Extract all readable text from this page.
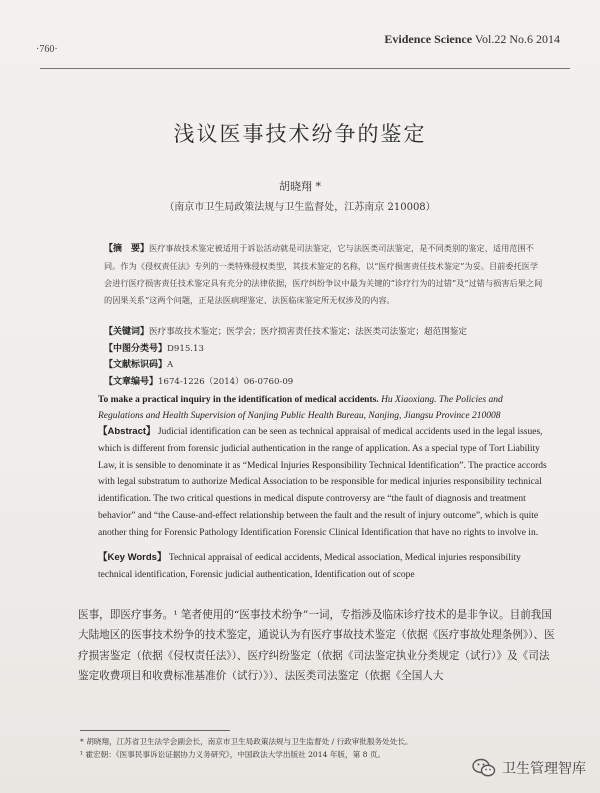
Evidence Science Vol.22 No.6 2014
·760·
浅议医事技术纷争的鉴定
胡晓翔 *
（南京市卫生局政策法规与卫生监督处，江苏南京 210008）
【摘　要】医疗事故技术鉴定被适用于诉讼活动就是司法鉴定，它与法医类司法鉴定，是不同类别的鉴定、适用范围不同。作为《侵权责任法》专列的一类特殊侵权类型，其技术鉴定的名称，以“医疗损害责任技术鉴定”为妥。目前委托医学会进行医疗损害责任技术鉴定具有充分的法律依据，医疗纠纷争议中最为关键的“诊疗行为的过错”及“过错与损害后果之间的因果关系”这两个问题，正是法医病理鉴定、法医临床鉴定所无权涉及的内容。
【关键词】医疗事故技术鉴定；医学会；医疗损害责任技术鉴定；法医类司法鉴定；超范围鉴定
【中图分类号】D915.13
【文献标识码】A
【文章编号】1674-1226（2014）06-0760-09
To make a practical inquiry in the identification of medical accidents. Hu Xiaoxiang. The Policies and Regulations and Health Supervision of Nanjing Public Health Bureau, Nanjing, Jiangsu Province 210008
【Abstract】 Judicial identification can be seen as technical appraisal of medical accidents used in the legal issues, which is different from forensic judicial authentication in the range of application. As a special type of Tort Liability Law, it is sensible to denominate it as “Medical Injuries Responsibility Technical Identification”. The practice accords with legal substratum to authorize Medical Association to be responsible for medical injuries responsibility technical identification. The two critical questions in medical dispute controversy are “the fault of diagnosis and treatment behavior” and “the Cause-and-effect relationship between the fault and the result of injury outcome”, which is quite another thing for Forensic Pathology Identification Forensic Clinical Identification that have no rights to involve in.
【Key Words】 Technical appraisal of eedical accidents, Medical association, Medical injuries responsibility technical identification, Forensic judicial authentication, Identification out of scope
医事，即医疗事务。¹ 笔者使用的“医事技术纷争”一词，专指涉及临床诊疗技术的是非争议。目前我国大陆地区的医事技术纷争的技术鉴定，通说认为有医疗事故技术鉴定（依据《医疗事故处理条例》）、医疗损害鉴定（依据《侵权责任法》）、医疗纠纷鉴定（依据《司法鉴定执业分类规定（试行）》及《司法鉴定收费项目和收费标准基准价（试行）》）、法医类司法鉴定（依据《全国人大
* 胡晓翔，江苏省卫生法学会副会长，南京市卫生局政策法规与卫生监督处 / 行政审批服务处处长。
¹ 霍宏朝：《医事民事诉讼证据协力义务研究》，中国政法大学出版社 2014 年版，第 8 页。
卫生管理智库
